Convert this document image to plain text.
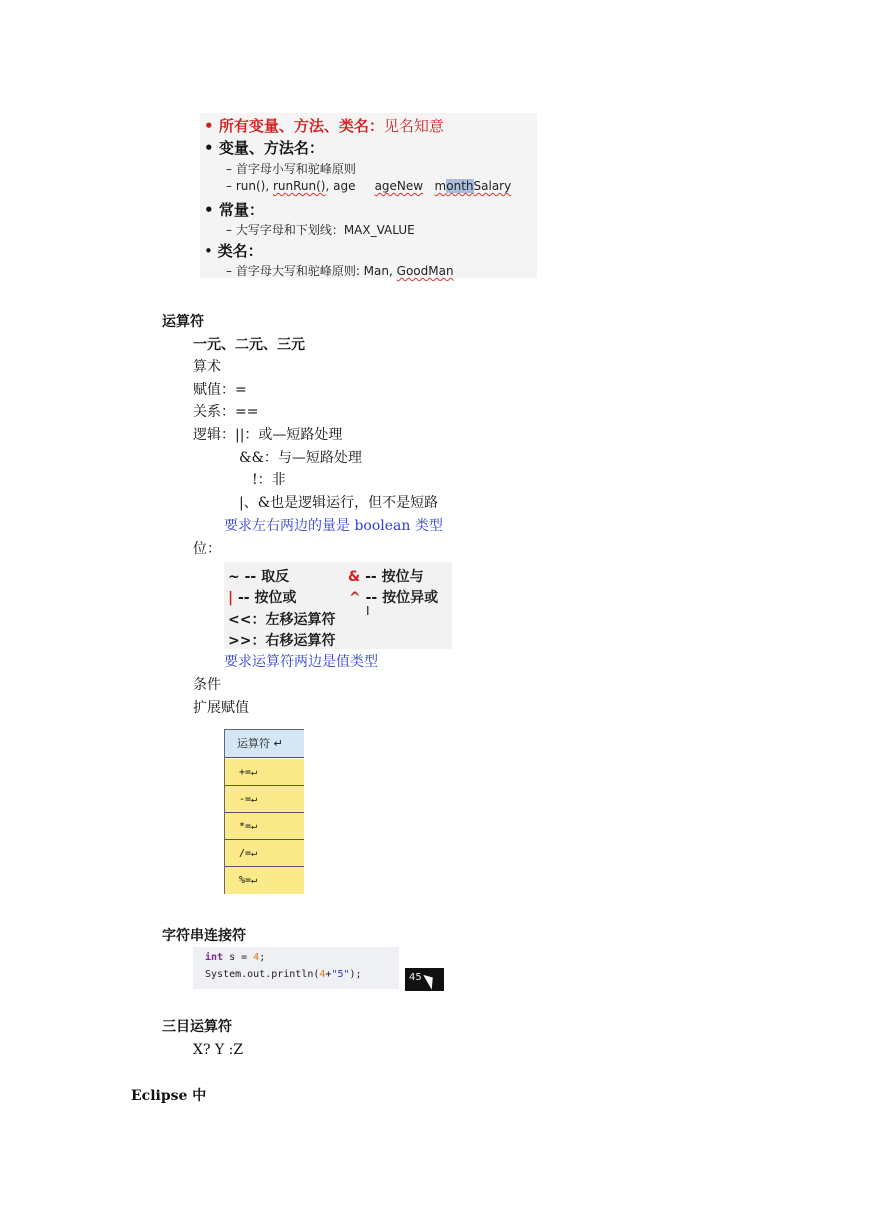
• 所有变量、方法、类名：见名知意
• 变量、方法名：
– 首字母小写和驼峰原则
– run(), runRun(), age ageNew monthSalary
• 常量：
– 大写字母和下划线：MAX_VALUE
• 类名：
– 首字母大写和驼峰原则: Man, GoodMan
运算符
一元、二元、三元
算术
赋值：=
关系：==
逻辑：||：或—短路处理
&&：与—短路处理
!：非
|、&也是逻辑运行，但不是短路
要求左右两边的量是 boolean 类型
位：
~ -- 取反	& -- 按位与
| -- 按位或	^ -- 按位异或
<<：左移运算符
I
>>：右移运算符
要求运算符两边是值类型
条件
扩展赋值
运算符 ↵
+=↵
-=↵
*=↵
/=↵
%=↵
字符串连接符
int s = 4;
System.out.println(4+"5");	45
三目运算符
X? Y :Z
Eclipse 中
